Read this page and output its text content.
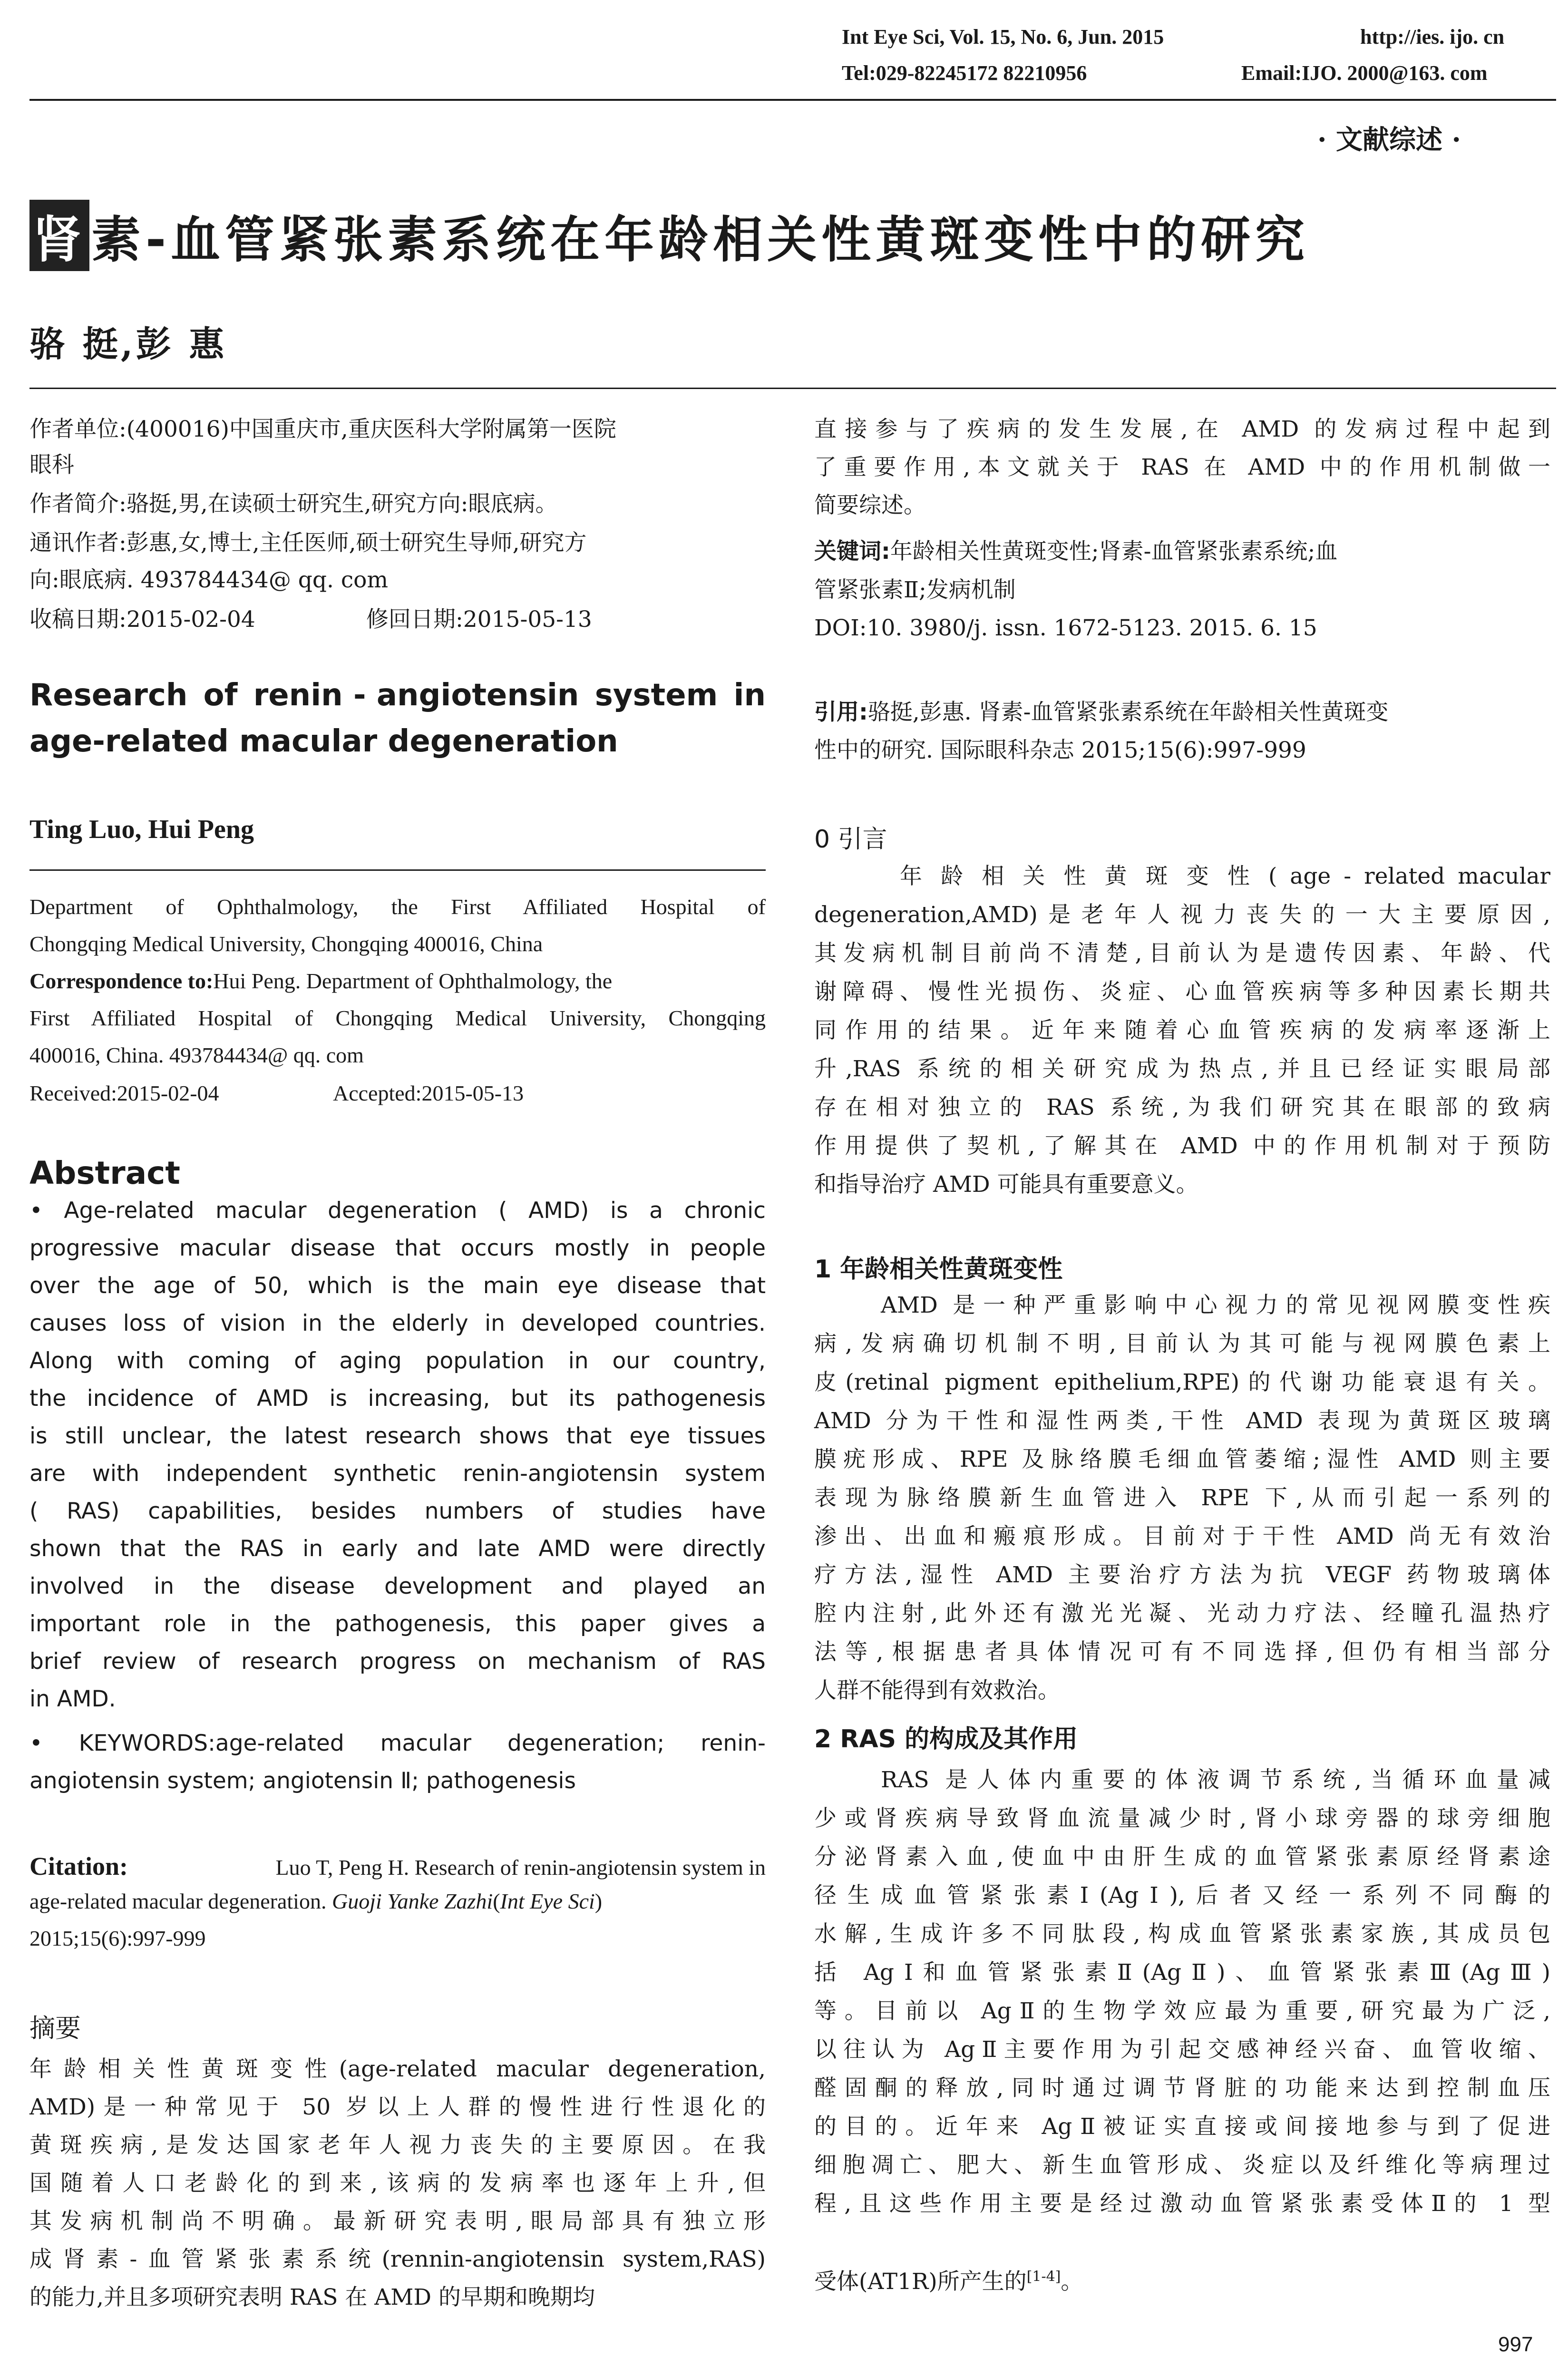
Int Eye Sci, Vol. 15, No. 6, Jun. 2015	http://ies. ijo. cn
Tel:029-82245172 82210956	Email:IJO. 2000@163. com
· 文献综述 ·
肾素-血管紧张素系统在年龄相关性黄斑变性中的研究
骆 挺,彭 惠
作者单位:(400016)中国重庆市,重庆医科大学附属第一医院
眼科
作者简介:骆挺,男,在读硕士研究生,研究方向:眼底病。
通讯作者:彭惠,女,博士,主任医师,硕士研究生导师,研究方
向:眼底病. 493784434@ qq. com
收稿日期:2015-02-04	修回日期:2015-05-13
Research of renin - angiotensin system in
age-related macular degeneration
Ting Luo, Hui Peng
Department of Ophthalmology, the First Affiliated Hospital of
Chongqing Medical University, Chongqing 400016, China
Correspondence to:Hui Peng. Department of Ophthalmology, the
First Affiliated Hospital of Chongqing Medical University, Chongqing
400016, China. 493784434@ qq. com
Received:2015-02-04	Accepted:2015-05-13
Abstract
• Age-related macular degeneration ( AMD) is a chronic
progressive macular disease that occurs mostly in people
over the age of 50, which is the main eye disease that
causes loss of vision in the elderly in developed countries.
Along with coming of aging population in our country,
the incidence of AMD is increasing, but its pathogenesis
is still unclear, the latest research shows that eye tissues
are with independent synthetic renin-angiotensin system
( RAS) capabilities, besides numbers of studies have
shown that the RAS in early and late AMD were directly
involved in the disease development and played an
important role in the pathogenesis, this paper gives a
brief review of research progress on mechanism of RAS
in AMD.
• KEYWORDS:age-related macular degeneration; renin-
angiotensin system; angiotensin Ⅱ; pathogenesis
Citation:	Luo T, Peng H. Research of renin-angiotensin system in
age-related macular degeneration. Guoji Yanke Zazhi(Int Eye Sci)
2015;15(6):997-999
摘要
年龄相关性黄斑变性(age-related macular degeneration,
AMD)是一种常见于 50 岁以上人群的慢性进行性退化的
黄斑疾病,是发达国家老年人视力丧失的主要原因。在我
国随着人口老龄化的到来,该病的发病率也逐年上升,但
其发病机制尚不明确。最新研究表明,眼局部具有独立形
成肾素-血管紧张素系统(rennin-angiotensin system,RAS)
的能力,并且多项研究表明 RAS 在 AMD 的早期和晚期均
直接参与了疾病的发生发展,在 AMD 的发病过程中起到
了重要作用,本文就关于 RAS 在 AMD 中的作用机制做一
简要综述。
关键词:年龄相关性黄斑变性;肾素-血管紧张素系统;血
管紧张素Ⅱ;发病机制
DOI:10. 3980/j. issn. 1672-5123. 2015. 6. 15
引用:骆挺,彭惠. 肾素-血管紧张素系统在年龄相关性黄斑变
性中的研究. 国际眼科杂志 2015;15(6):997-999
0 引言
年 龄 相 关 性 黄 斑 变 性 ( age - related macular
degeneration,AMD)是老年人视力丧失的一大主要原因,
其发病机制目前尚不清楚,目前认为是遗传因素、年龄、代
谢障碍、慢性光损伤、炎症、心血管疾病等多种因素长期共
同作用的结果。近年来随着心血管疾病的发病率逐渐上
升,RAS 系统的相关研究成为热点,并且已经证实眼局部
存在相对独立的 RAS 系统,为我们研究其在眼部的致病
作用提供了契机,了解其在 AMD 中的作用机制对于预防
和指导治疗 AMD 可能具有重要意义。
1 年龄相关性黄斑变性
AMD 是一种严重影响中心视力的常见视网膜变性疾
病,发病确切机制不明,目前认为其可能与视网膜色素上
皮(retinal pigment epithelium,RPE)的代谢功能衰退有关。
AMD 分为干性和湿性两类,干性 AMD 表现为黄斑区玻璃
膜疣形成、RPE 及脉络膜毛细血管萎缩;湿性 AMD 则主要
表现为脉络膜新生血管进入 RPE 下,从而引起一系列的
渗出、出血和瘢痕形成。目前对于干性 AMD 尚无有效治
疗方法,湿性 AMD 主要治疗方法为抗 VEGF 药物玻璃体
腔内注射,此外还有激光光凝、光动力疗法、经瞳孔温热疗
法等,根据患者具体情况可有不同选择,但仍有相当部分
人群不能得到有效救治。
2 RAS 的构成及其作用
RAS 是人体内重要的体液调节系统,当循环血量减
少或肾疾病导致肾血流量减少时,肾小球旁器的球旁细胞
分泌肾素入血,使血中由肝生成的血管紧张素原经肾素途
径生成血管紧张素Ⅰ(AgⅠ),后者又经一系列不同酶的
水解,生成许多不同肽段,构成血管紧张素家族,其成员包
括 AgⅠ和血管紧张素Ⅱ(AgⅡ)、血管紧张素Ⅲ(AgⅢ)
等。目前以 AgⅡ的生物学效应最为重要,研究最为广泛,
以往认为 AgⅡ主要作用为引起交感神经兴奋、血管收缩、
醛固酮的释放,同时通过调节肾脏的功能来达到控制血压
的目的。近年来 AgⅡ被证实直接或间接地参与到了促进
细胞凋亡、肥大、新生血管形成、炎症以及纤维化等病理过
程,且这些作用主要是经过激动血管紧张素受体Ⅱ的 1 型
受体(AT1R)所产生的[1-4]。
997
